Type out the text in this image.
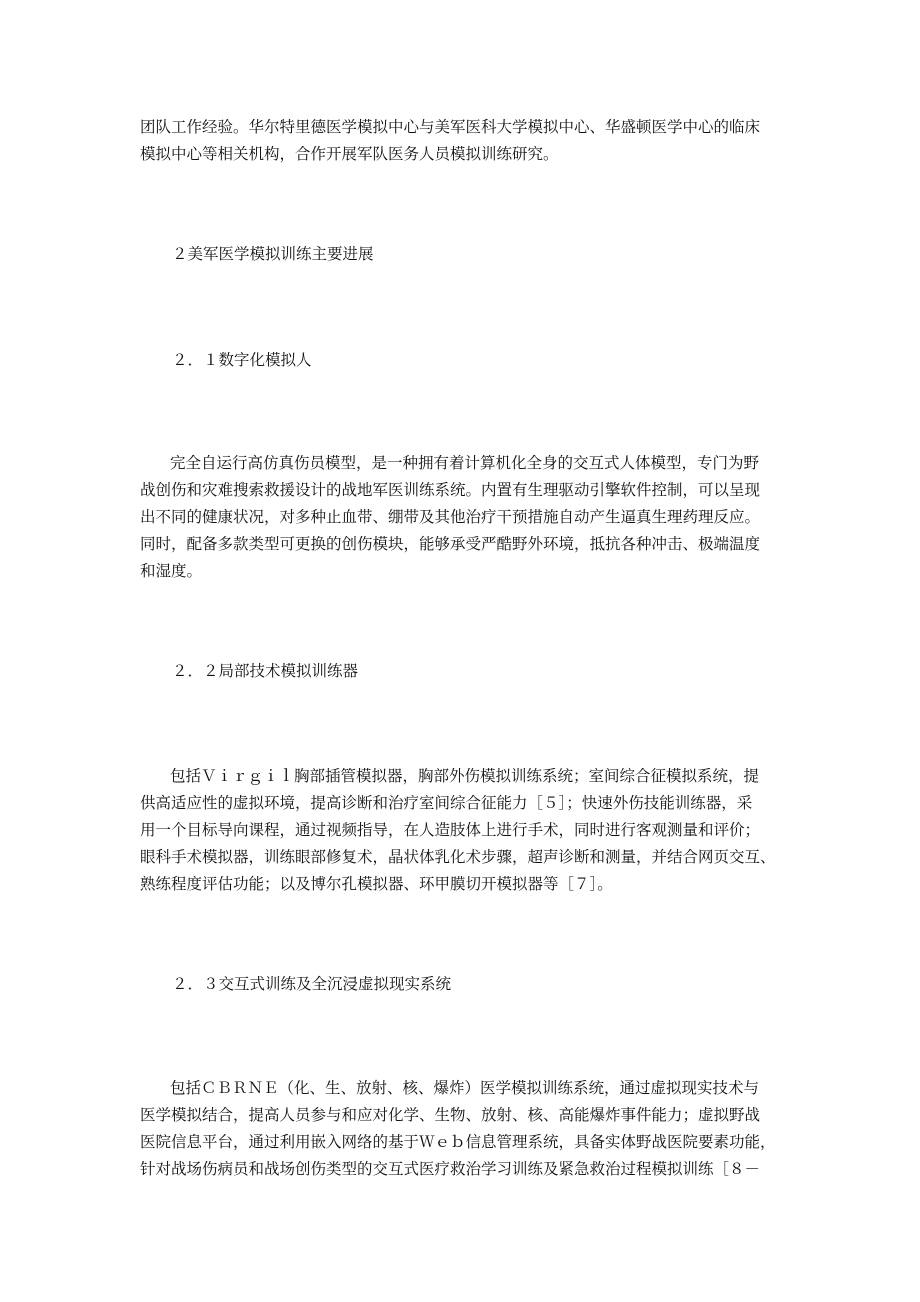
团队工作经验。华尔特里德医学模拟中心与美军医科大学模拟中心、华盛顿医学中心的临床
模拟中心等相关机构，合作开展军队医务人员模拟训练研究。
２美军医学模拟训练主要进展
２．１数字化模拟人
完全自运行高仿真伤员模型，是一种拥有着计算机化全身的交互式人体模型，专门为野
战创伤和灾难搜索救援设计的战地军医训练系统。内置有生理驱动引擎软件控制，可以呈现
出不同的健康状况，对多种止血带、绷带及其他治疗干预措施自动产生逼真生理药理反应。
同时，配备多款类型可更换的创伤模块，能够承受严酷野外环境，抵抗各种冲击、极端温度
和湿度。
２．２局部技术模拟训练器
包括Ｖｉｒｇｉｌ胸部插管模拟器，胸部外伤模拟训练系统；室间综合征模拟系统，提
供高适应性的虚拟环境，提高诊断和治疗室间综合征能力［５］；快速外伤技能训练器，采
用一个目标导向课程，通过视频指导，在人造肢体上进行手术，同时进行客观测量和评价；
眼科手术模拟器，训练眼部修复术，晶状体乳化术步骤，超声诊断和测量，并结合网页交互、
熟练程度评估功能；以及博尔孔模拟器、环甲膜切开模拟器等［７］。
２．３交互式训练及全沉浸虚拟现实系统
包括ＣＢＲＮＥ（化、生、放射、核、爆炸）医学模拟训练系统，通过虚拟现实技术与
医学模拟结合，提高人员参与和应对化学、生物、放射、核、高能爆炸事件能力；虚拟野战
医院信息平台，通过利用嵌入网络的基于Ｗｅｂ信息管理系统，具备实体野战医院要素功能，
针对战场伤病员和战场创伤类型的交互式医疗救治学习训练及紧急救治过程模拟训练［８－
